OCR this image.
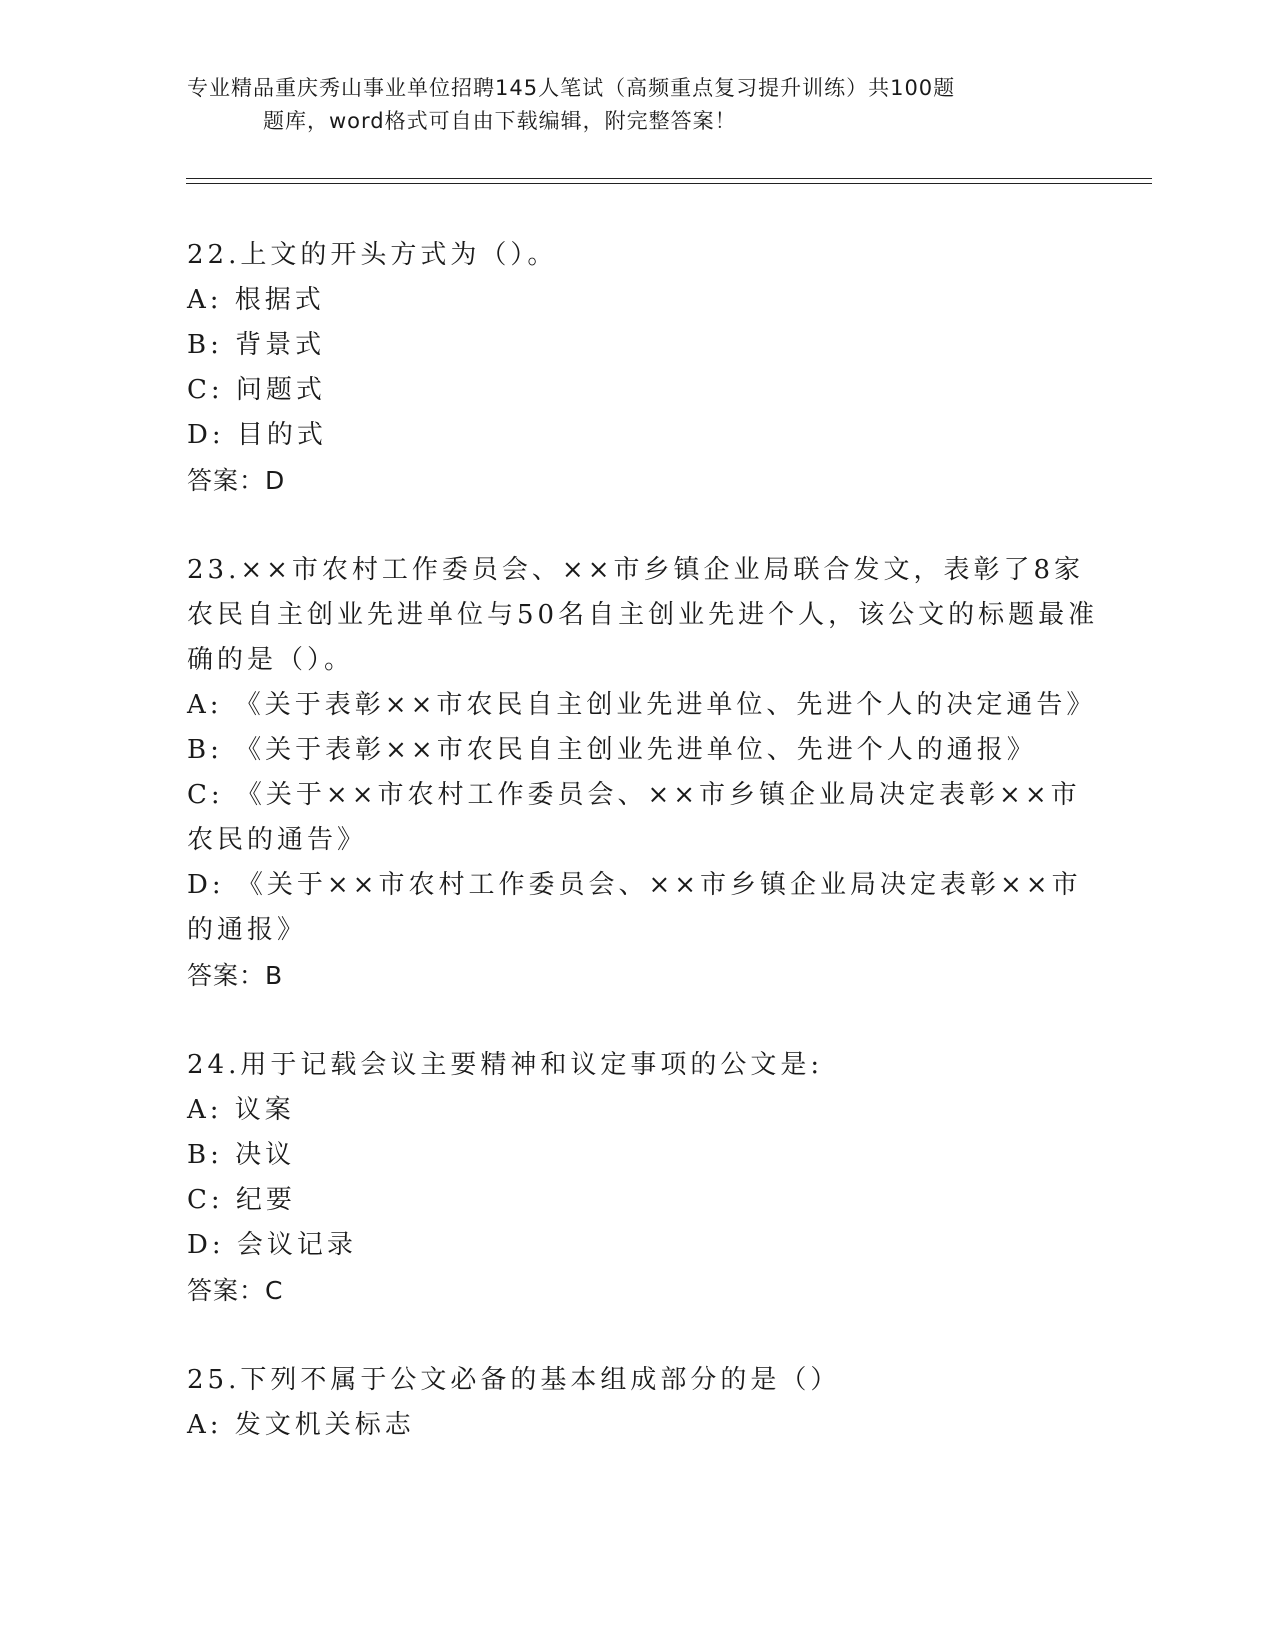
专业精品重庆秀山事业单位招聘145人笔试（高频重点复习提升训练）共100题
题库，word格式可自由下载编辑，附完整答案！
22.上文的开头方式为（）。
A: 根据式
B: 背景式
C: 问题式
D: 目的式
答案：D
23.××市农村工作委员会、××市乡镇企业局联合发文，表彰了8家
农民自主创业先进单位与50名自主创业先进个人，该公文的标题最准
确的是（）。
A: 《关于表彰××市农民自主创业先进单位、先进个人的决定通告》
B: 《关于表彰××市农民自主创业先进单位、先进个人的通报》
C: 《关于××市农村工作委员会、××市乡镇企业局决定表彰××市
农民的通告》
D: 《关于××市农村工作委员会、××市乡镇企业局决定表彰××市
的通报》
答案：B
24.用于记载会议主要精神和议定事项的公文是:
A: 议案
B: 决议
C: 纪要
D: 会议记录
答案：C
25.下列不属于公文必备的基本组成部分的是（）
A: 发文机关标志
